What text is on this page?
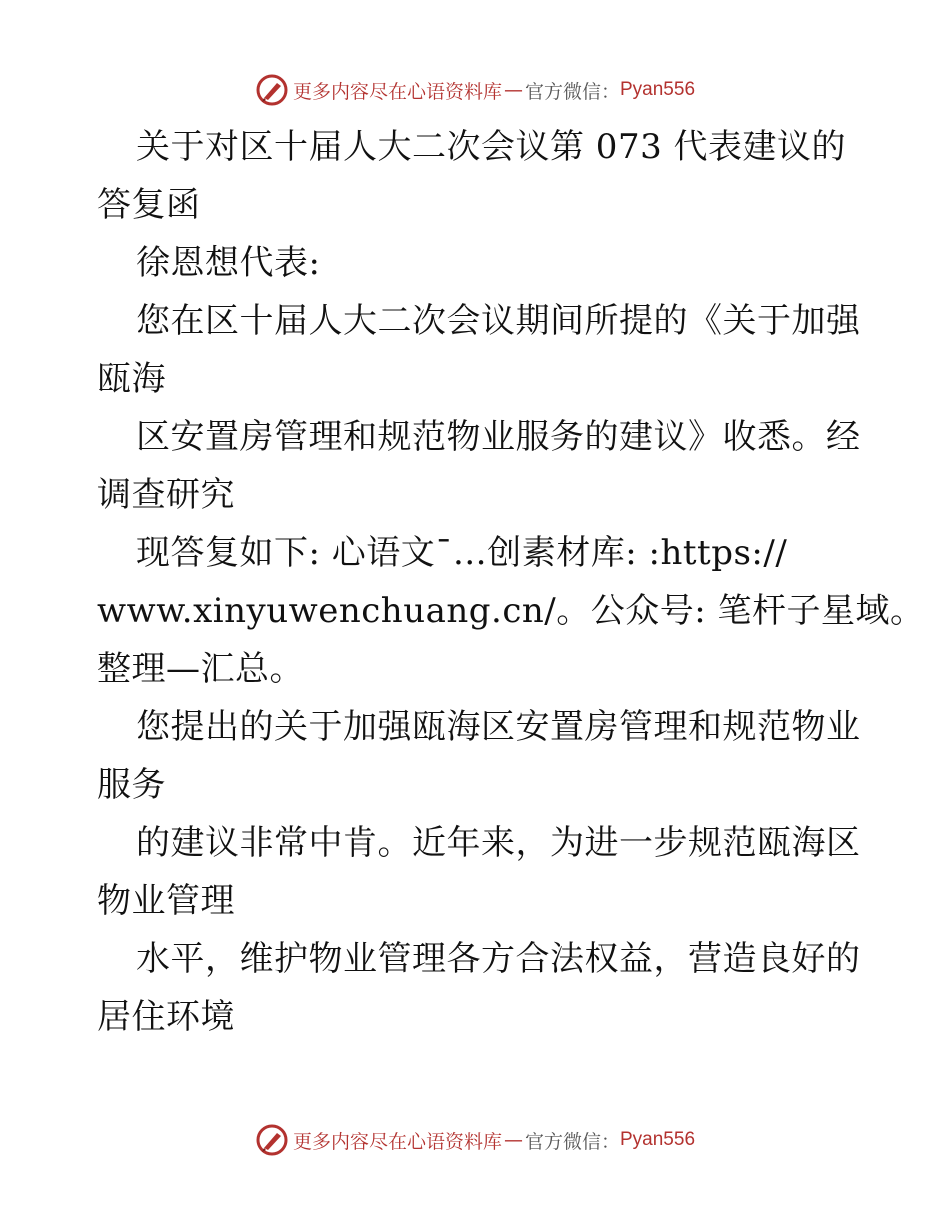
更多内容尽在心语资料库 — 官方微信： Pyan556
关于对区十届人大二次会议第 073 代表建议的
答复函
徐恩想代表:
您在区十届人大二次会议期间所提的《关于加强
瓯海
区安置房管理和规范物业服务的建议》收悉。经
调查研究
现答复如下: 心语文¯…创素材库: :https://
www.xinyuwenchuang.cn/。公众号: 笔杆子星域。
整理—汇总。
您提出的关于加强瓯海区安置房管理和规范物业
服务
的建议非常中肯。近年来，为进一步规范瓯海区
物业管理
水平，维护物业管理各方合法权益，营造良好的
居住环境
更多内容尽在心语资料库 — 官方微信： Pyan556
